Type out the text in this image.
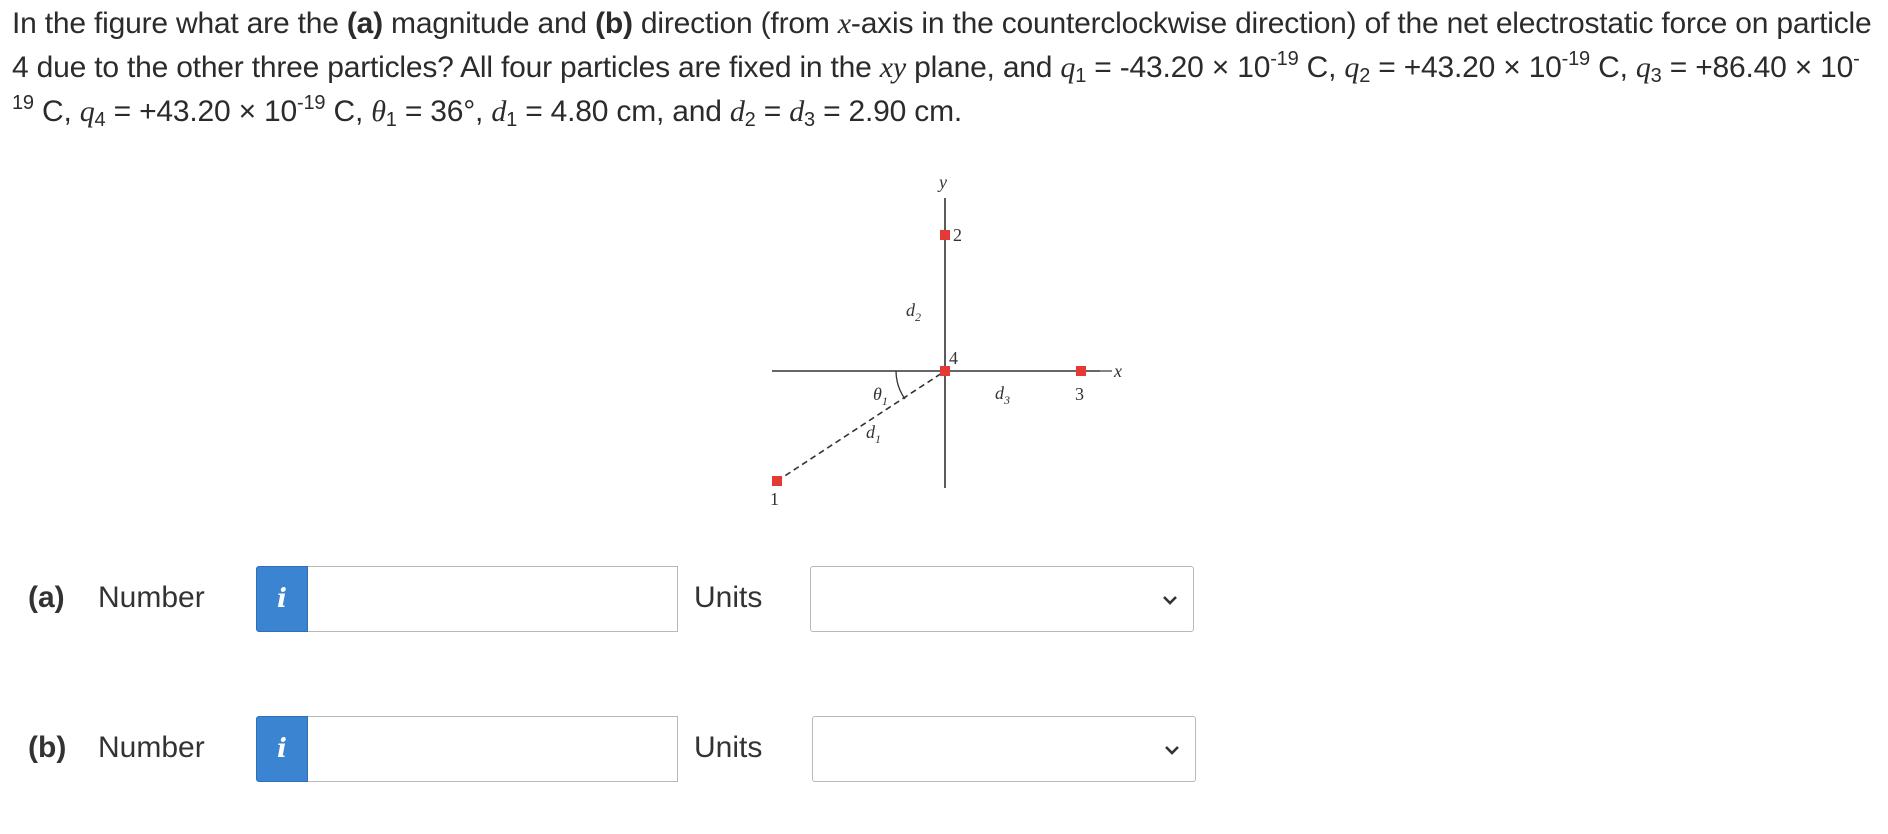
In the figure what are the (a) magnitude and (b) direction (from x-axis in the counterclockwise direction) of the net electrostatic force on particle 4 due to the other three particles? All four particles are fixed in the xy plane, and $q_1 = -43.20 \times 10^{-19}$ C, $q_2 = +43.20 \times 10^{-19}$ C, $q_3 = +86.40 \times 10^{-19}$ C, $q_4 = +43.20 \times 10^{-19}$ C, $\theta_1 = 36^\circ$, $d_1 = 4.80$ cm, and $d_2 = d_3 = 2.90$ cm.
1
2
3
4
y
x
$d_1$
$d_2$
$d_3$
$\theta_1$
(a) Number	i	Units
(b) Number	i	Units
